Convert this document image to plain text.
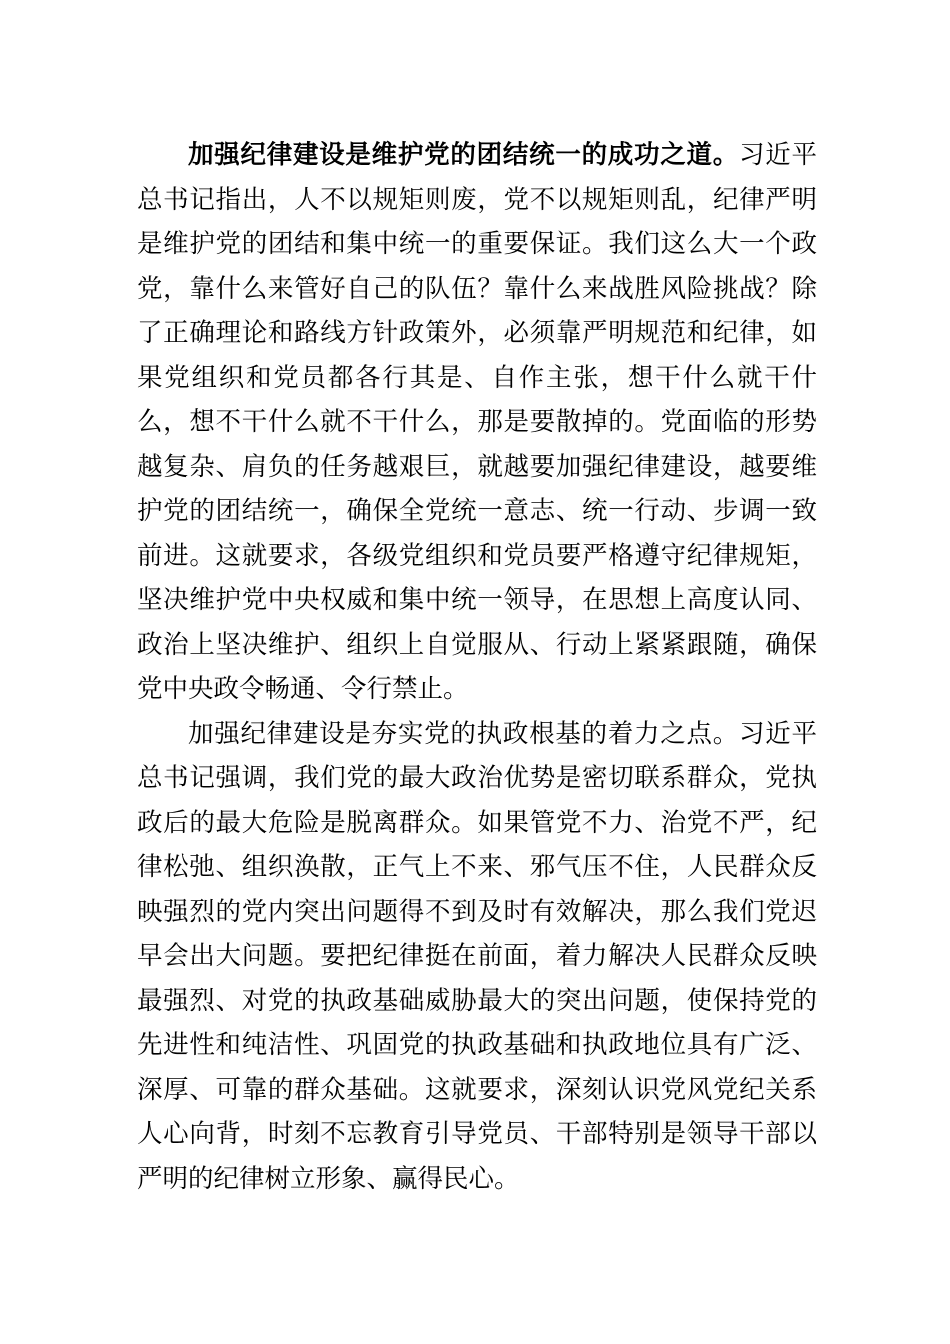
加强纪律建设是维护党的团结统一的成功之道。习近平
总书记指出，人不以规矩则废，党不以规矩则乱，纪律严明
是维护党的团结和集中统一的重要保证。我们这么大一个政
党，靠什么来管好自己的队伍？靠什么来战胜风险挑战？除
了正确理论和路线方针政策外，必须靠严明规范和纪律，如
果党组织和党员都各行其是、自作主张，想干什么就干什
么，想不干什么就不干什么，那是要散掉的。党面临的形势
越复杂、肩负的任务越艰巨，就越要加强纪律建设，越要维
护党的团结统一，确保全党统一意志、统一行动、步调一致
前进。这就要求，各级党组织和党员要严格遵守纪律规矩，
坚决维护党中央权威和集中统一领导，在思想上高度认同、
政治上坚决维护、组织上自觉服从、行动上紧紧跟随，确保
党中央政令畅通、令行禁止。
加强纪律建设是夯实党的执政根基的着力之点。习近平
总书记强调，我们党的最大政治优势是密切联系群众，党执
政后的最大危险是脱离群众。如果管党不力、治党不严，纪
律松弛、组织涣散，正气上不来、邪气压不住，人民群众反
映强烈的党内突出问题得不到及时有效解决，那么我们党迟
早会出大问题。要把纪律挺在前面，着力解决人民群众反映
最强烈、对党的执政基础威胁最大的突出问题，使保持党的
先进性和纯洁性、巩固党的执政基础和执政地位具有广泛、
深厚、可靠的群众基础。这就要求，深刻认识党风党纪关系
人心向背，时刻不忘教育引导党员、干部特别是领导干部以
严明的纪律树立形象、赢得民心。
